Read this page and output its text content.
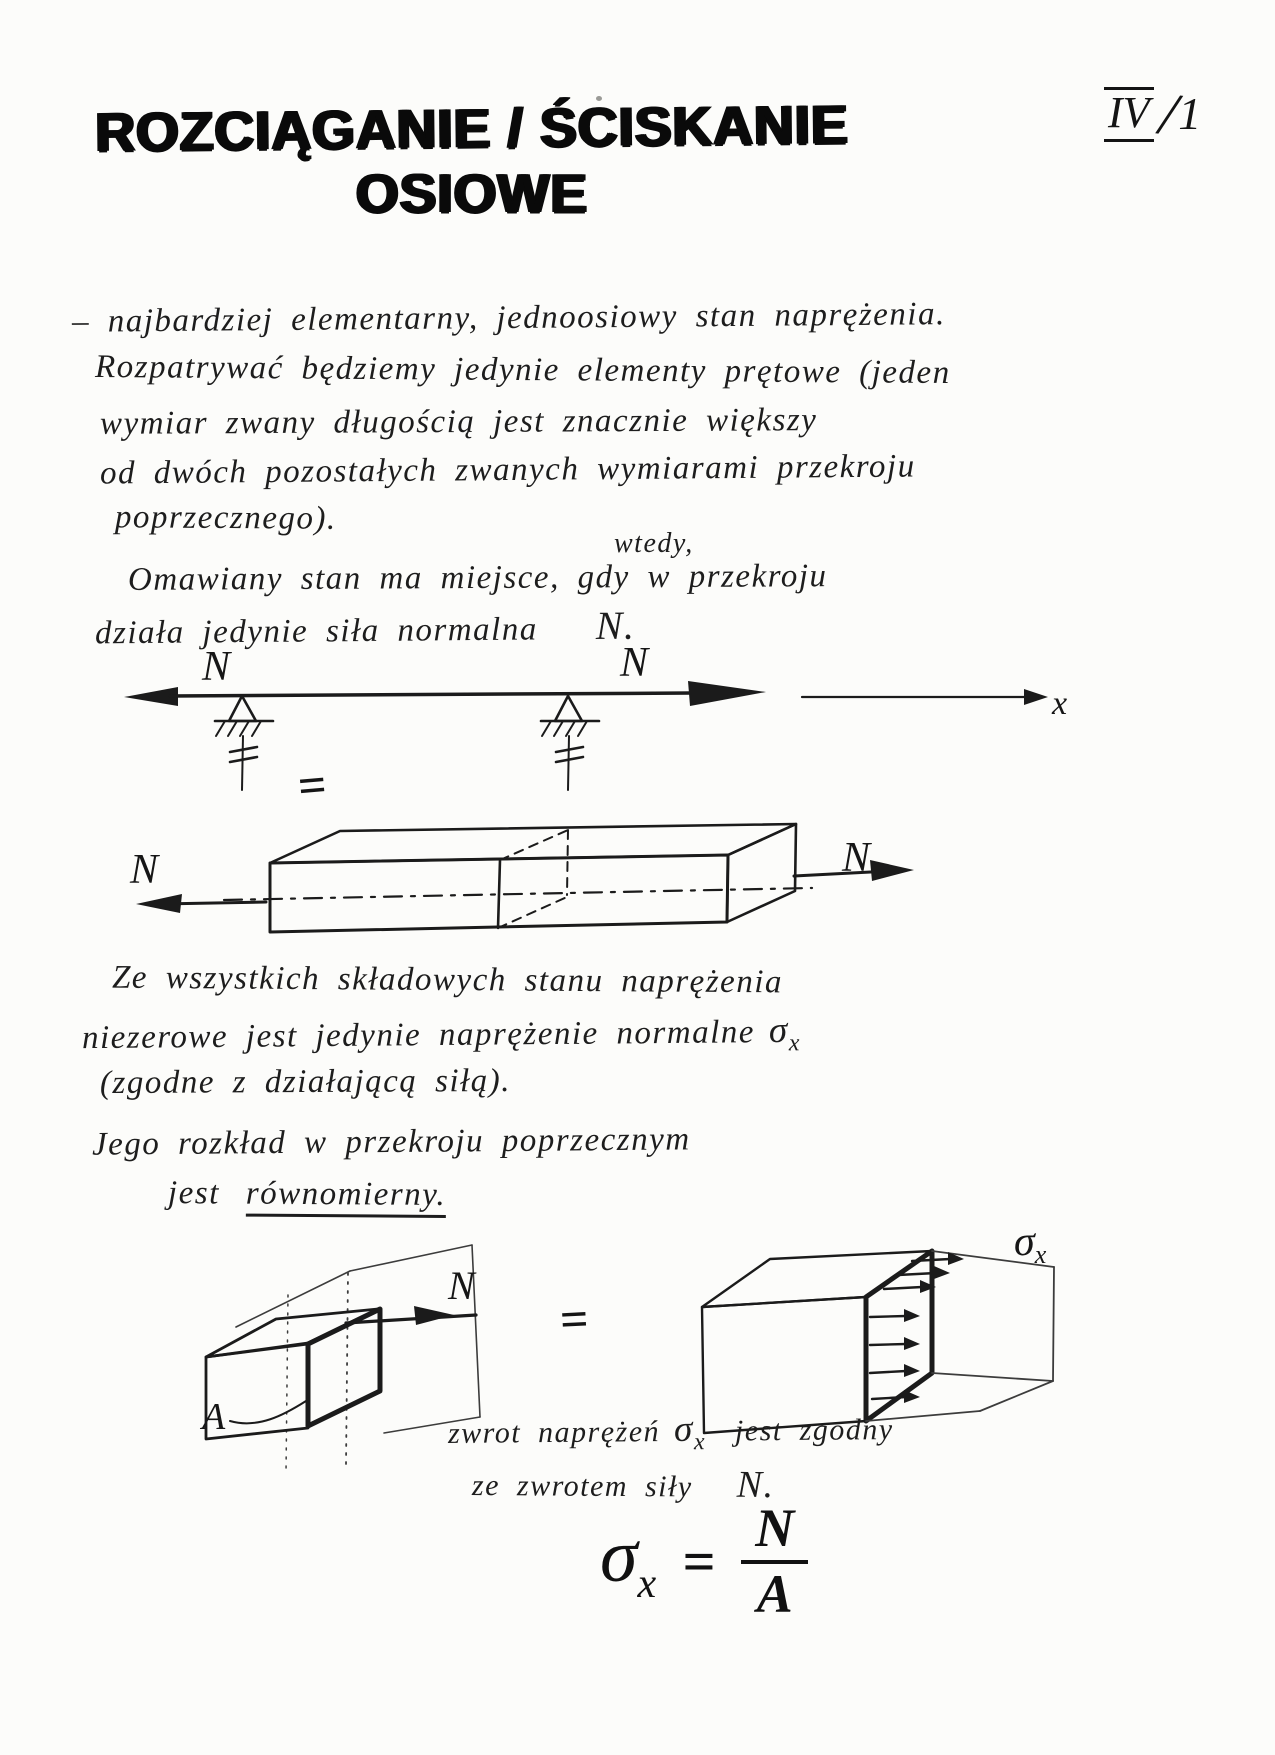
IV /
1
ROZCIĄGANIE / ŚCISKANIE
OSIOWE
– najbardziej elementarny, jednoosiowy stan naprężenia.
Rozpatrywać będziemy jedynie elementy prętowe (jeden
wymiar zwany długością jest znacznie większy
od dwóch pozostałych zwanych wymiarami przekroju
poprzecznego).
wtedy,
Omawiany stan ma miejsce, gdy w przekroju
działa jedynie siła normalna N.
N	N
x
=
N	N
Ze wszystkich składowych stanu naprężenia
niezerowe jest jedynie naprężenie normalne $\sigma_x$
(zgodne z działającą siłą).
Jego rozkład w przekroju poprzecznym
jest równomierny.
N
A
=
σx
zwrot naprężeń $\sigma_x$ jest zgodny
ze zwrotem siły N.
$\sigma_x = \frac{N}{A}$
